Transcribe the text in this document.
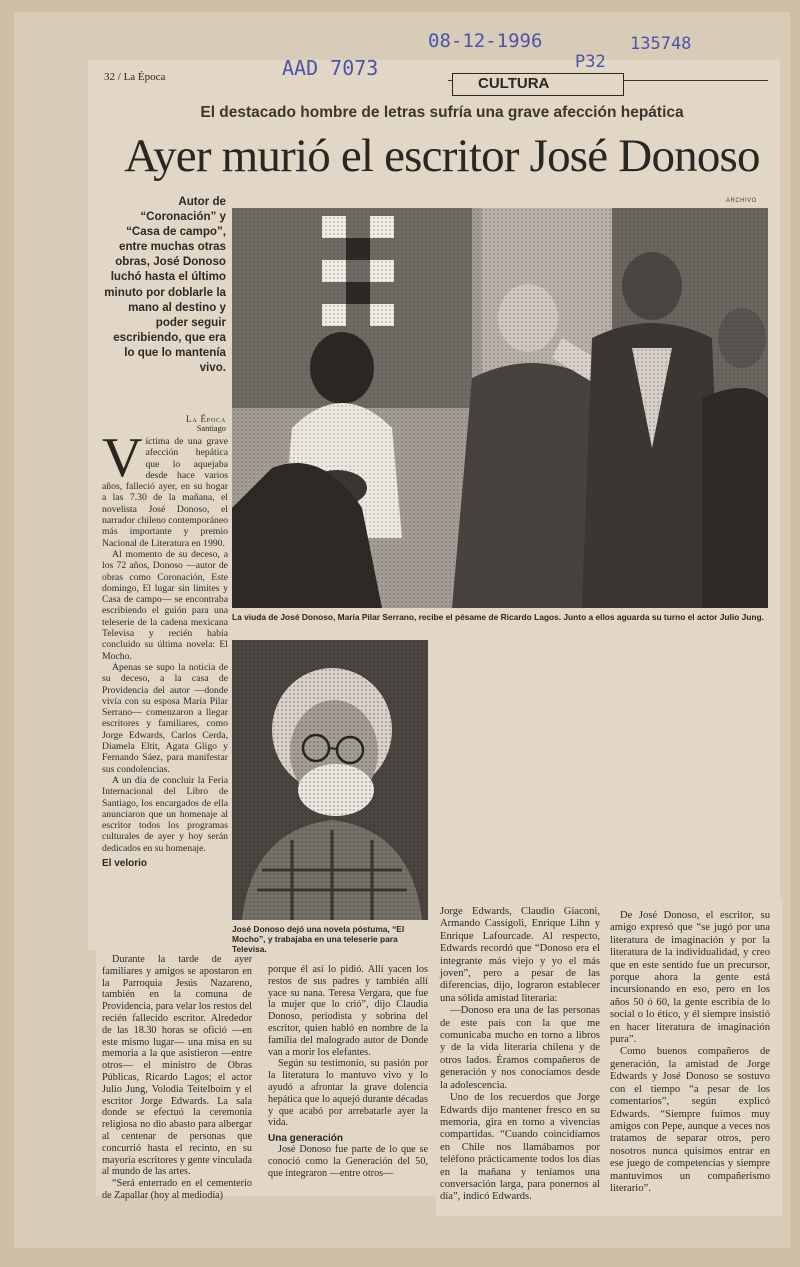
08-12-1996
AAD 7073	P32
135748
32 / La Época	CULTURA
El destacado hombre de letras sufría una grave afección hepática
Ayer murió el escritor José Donoso
Autor de “Coronación” y “Casa de campo”, entre muchas otras obras, José Donoso luchó hasta el último minuto por doblarle la mano al destino y poder seguir escribiendo, que era lo que lo mantenía vivo.
ARCHIVO
La viuda de José Donoso, María Pilar Serrano, recibe el pésame de Ricardo Lagos. Junto a ellos aguarda su turno el actor Julio Jung.
La Época
Santiago
V íctima de una grave afección hepática que lo aquejaba desde hace varios años, falleció ayer, en su hogar a las 7.30 de la mañana, el novelista José Donoso, el narrador chileno contemporáneo más importante y premio Nacional de Literatura en 1990.

Al momento de su deceso, a los 72 años, Donoso —autor de obras como Coronación, Este domingo, El lugar sin límites y Casa de campo— se encontraba escribiendo el guión para una teleserie de la cadena mexicana Televisa y recién había concluido su última novela: El Mocho.

Apenas se supo la noticia de su deceso, a la casa de Providencia del autor —donde vivía con su esposa María Pilar Serrano— comenzaron a llegar escritores y familiares, como Jorge Edwards, Carlos Cerda, Diamela Eltit, Agata Gligo y Fernando Sáez, para manifestar sus condolencias.

A un día de concluir la Feria Internacional del Libro de Santiago, los encargados de ella anunciaron que un homenaje al escritor todos los programas culturales de ayer y hoy serán dedicados en su homenaje.

El velorio
José Donoso dejó una novela póstuma, “El Mocho”, y trabajaba en una teleserie para Televisa.

Durante la tarde de ayer familiares y amigos se apostaron en la Parroquia Jesús Nazareno, también en la comuna de Providencia, para velar los restos del recién fallecido escritor. Alrededor de las 18.30 horas se ofició —en este mismo lugar— una misa en su memoria a la que asistieron —entre otros— el ministro de Obras Públicas, Ricardo Lagos; el actor Julio Jung, Volodia Teitelboim y el escritor Jorge Edwards. La sala donde se efectuó la ceremonia religiosa no dio abasto para albergar al centenar de personas que concurrió hasta el recinto, en su mayoría escritores y gente vinculada al mundo de las artes.

“Será enterrado en el cementerio de Zapallar (hoy al mediodía)

porque él así lo pidió. Allí yacen los restos de sus padres y también allí yace su nana. Teresa Vergara, que fue la mujer que lo crió”, dijo Claudia Donoso, periodista y sobrina del escritor, quien habló en nombre de la familia del malogrado autor de Donde van a morir los elefantes.

Según su testimonio, su pasión por la literatura lo mantuvo vivo y lo ayudó a afrontar la grave dolencia hepática que lo aquejó durante décadas y que acabó por arrebatarle ayer la vida.

Una generación

José Donoso fue parte de lo que se conoció como la Generación del 50, que integraron —entre otros—

Jorge Edwards, Claudio Giaconi, Armando Cassígoli, Enrique Lihn y Enrique Lafourcade. Al respecto, Edwards recordó que “Donoso era el integrante más viejo y yo el más joven”, pero a pesar de las diferencias, dijo, lograron establecer una sólida amistad literaria:

—Donoso era una de las personas de este país con la que me comunicaba mucho en torno a libros y de la vida literaria chilena y de otros lados. Éramos compañeros de generación y nos conocíamos desde la adolescencia.

Uno de los recuerdos que Jorge Edwards dijo mantener fresco en su memoria, gira en torno a vivencias compartidas. “Cuando coincidíamos en Chile nos llamábamos por teléfono prácticamente todos los días en la mañana y teníamos una conversación larga, para ponernos al día”, indicó Edwards.

De José Donoso, el escritor, su amigo expresó que “se jugó por una literatura de imaginación y por la literatura de la individualidad, y creo que en este sentido fue un precursor, porque ahora la gente está incursionando en eso, pero en los años 50 ó 60, la gente escribía de lo social o lo ético, y él siempre insistió en hacer literatura de imaginación pura”.

Como buenos compañeros de generación, la amistad de Jorge Edwards y José Donoso se sostuvo con el tiempo “a pesar de los comentarios”, según explicó Edwards. “Siempre fuimos muy amigos con Pepe, aunque a veces nos tratamos de separar otros, pero nosotros nunca quisimos entrar en ese juego de competencias y siempre mantuvimos un compañerismo literario”.
